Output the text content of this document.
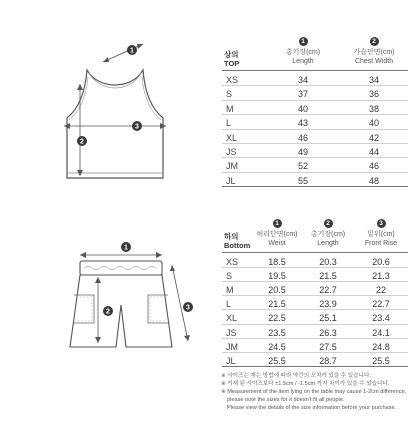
1
2
3
상의
TOP
1
총기장(cm)
Length
2
가슴단면(cm)
Chest Width
XS	34	34
S	37	36
M	40	38
L	43	40
XL	46	42
JS	49	44
JM	52	46
JL	55	48
1
2
3
하의
Bottom
1
허리단면(cm)
Weist
2
총기장(cm)
Length
3
밑위(cm)
Front Rise
XS	18.5	20.3	20.6
S	19.5	21.5	21.3
M	20.5	22.7	22
L	21.5	23.9	22.7
XL	22.5	25.1	23.4
JS	23.5	26.3	24.1
JM	24.5	27.5	24.8
JL	25.5	28.7	25.5
※ 사이즈는 재는 방법에 따라 약간의 오차가 있을 수 있습니다.
※ 기재 된 사이즈보다 ±1.5cm / -1.5cm 까지 차이가 있을 수 있습니다.
※ Measurement of the item lying on the table may cause 1-2cm difference,
please note the sizes for it doesn't fit all people.
Please view the details of the size information before your purchase.
